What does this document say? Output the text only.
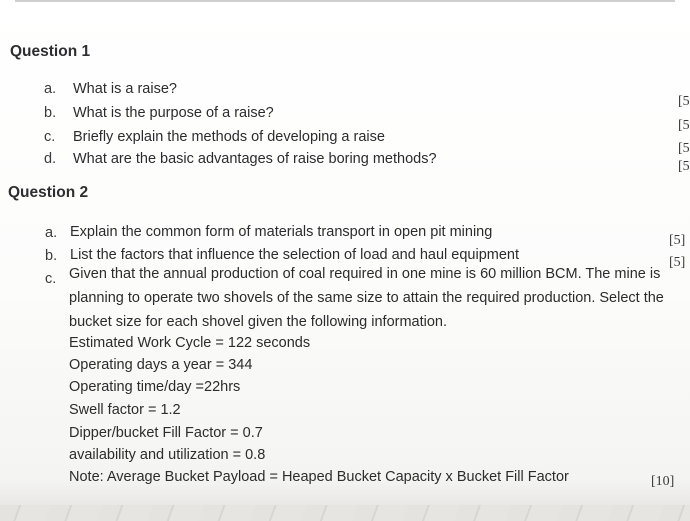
Question 1
a. What is a raise?
[5
b. What is the purpose of a raise?
[5
c. Briefly explain the methods of developing a raise
[5
d. What are the basic advantages of raise boring methods?	[5
Question 2
a. Explain the common form of materials transport in open pit mining
[5]
b. List the factors that influence the selection of load and haul equipment	[5]
c. Given that the annual production of coal required in one mine is 60 million BCM. The mine is
planning to operate two shovels of the same size to attain the required production. Select the
bucket size for each shovel given the following information.
Estimated Work Cycle = 122 seconds
Operating days a year = 344
Operating time/day =22hrs
Swell factor = 1.2
Dipper/bucket Fill Factor = 0.7
availability and utilization = 0.8
Note: Average Bucket Payload = Heaped Bucket Capacity x Bucket Fill Factor	[10]
